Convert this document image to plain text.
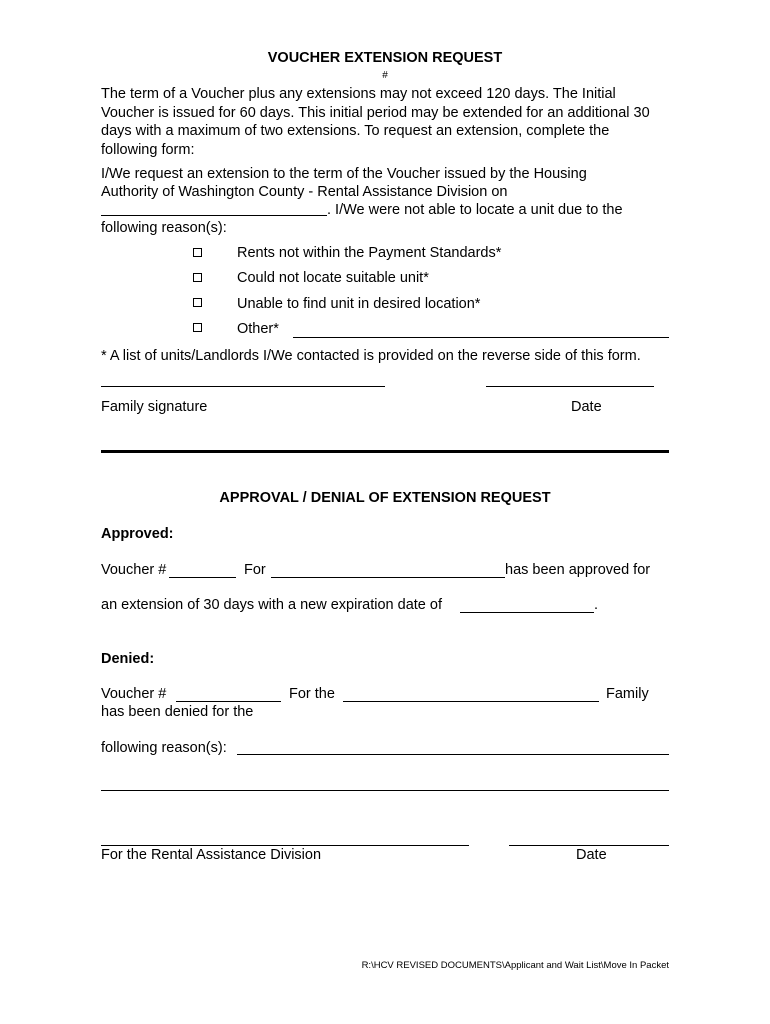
VOUCHER EXTENSION REQUEST
#
The term of a Voucher plus any extensions may not exceed 120 days. The Initial Voucher is issued for 60 days. This initial period may be extended for an additional 30 days with a maximum of two extensions. To request an extension, complete the following form:
I/We request an extension to the term of the Voucher issued by the Housing
Authority of Washington County - Rental Assistance Division on
. I/We were not able to locate a unit due to the
following reason(s):
Rents not within the Payment Standards*
Could not locate suitable unit*
Unable to find unit in desired location*
Other*
* A list of units/Landlords I/We contacted is provided on the reverse side of this form.
Family signature	Date
APPROVAL / DENIAL OF EXTENSION REQUEST
Approved:
Voucher #	For	has been approved for
an extension of 30 days with a new expiration date of	.
Denied:
Voucher #	For the	Family
has been denied for the
following reason(s):
For the Rental Assistance Division	Date
R:\HCV REVISED DOCUMENTS\Applicant and Wait List\Move In Packet
